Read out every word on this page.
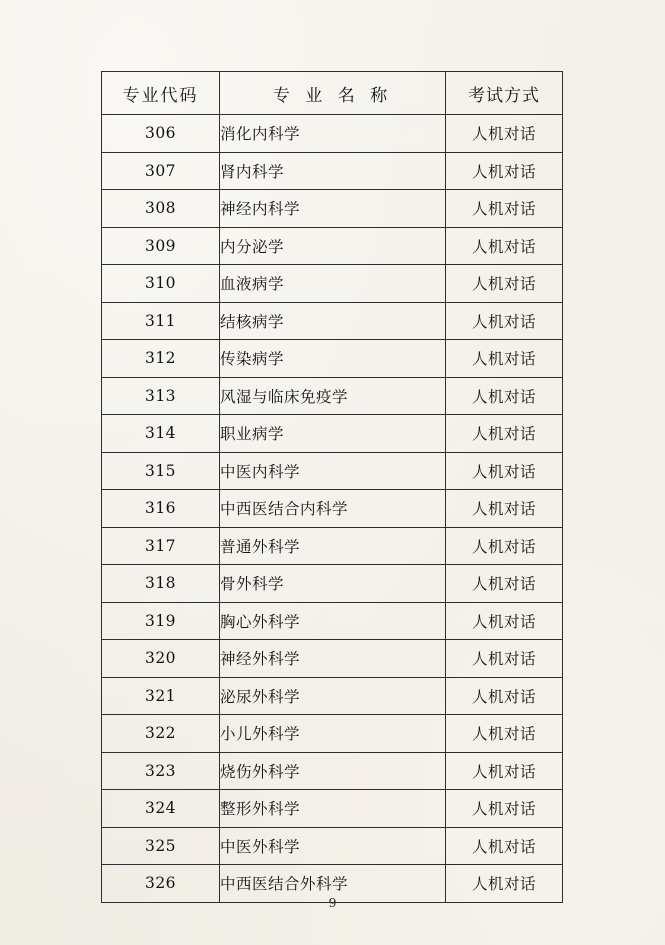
专业代码	专 业 名 称	考试方式
306	消化内科学	人机对话
307	肾内科学	人机对话
308	神经内科学	人机对话
309	内分泌学	人机对话
310	血液病学	人机对话
311	结核病学	人机对话
312	传染病学	人机对话
313	风湿与临床免疫学	人机对话
314	职业病学	人机对话
315	中医内科学	人机对话
316	中西医结合内科学	人机对话
317	普通外科学	人机对话
318	骨外科学	人机对话
319	胸心外科学	人机对话
320	神经外科学	人机对话
321	泌尿外科学	人机对话
322	小儿外科学	人机对话
323	烧伤外科学	人机对话
324	整形外科学	人机对话
325	中医外科学	人机对话
326	中西医结合外科学	人机对话
9
